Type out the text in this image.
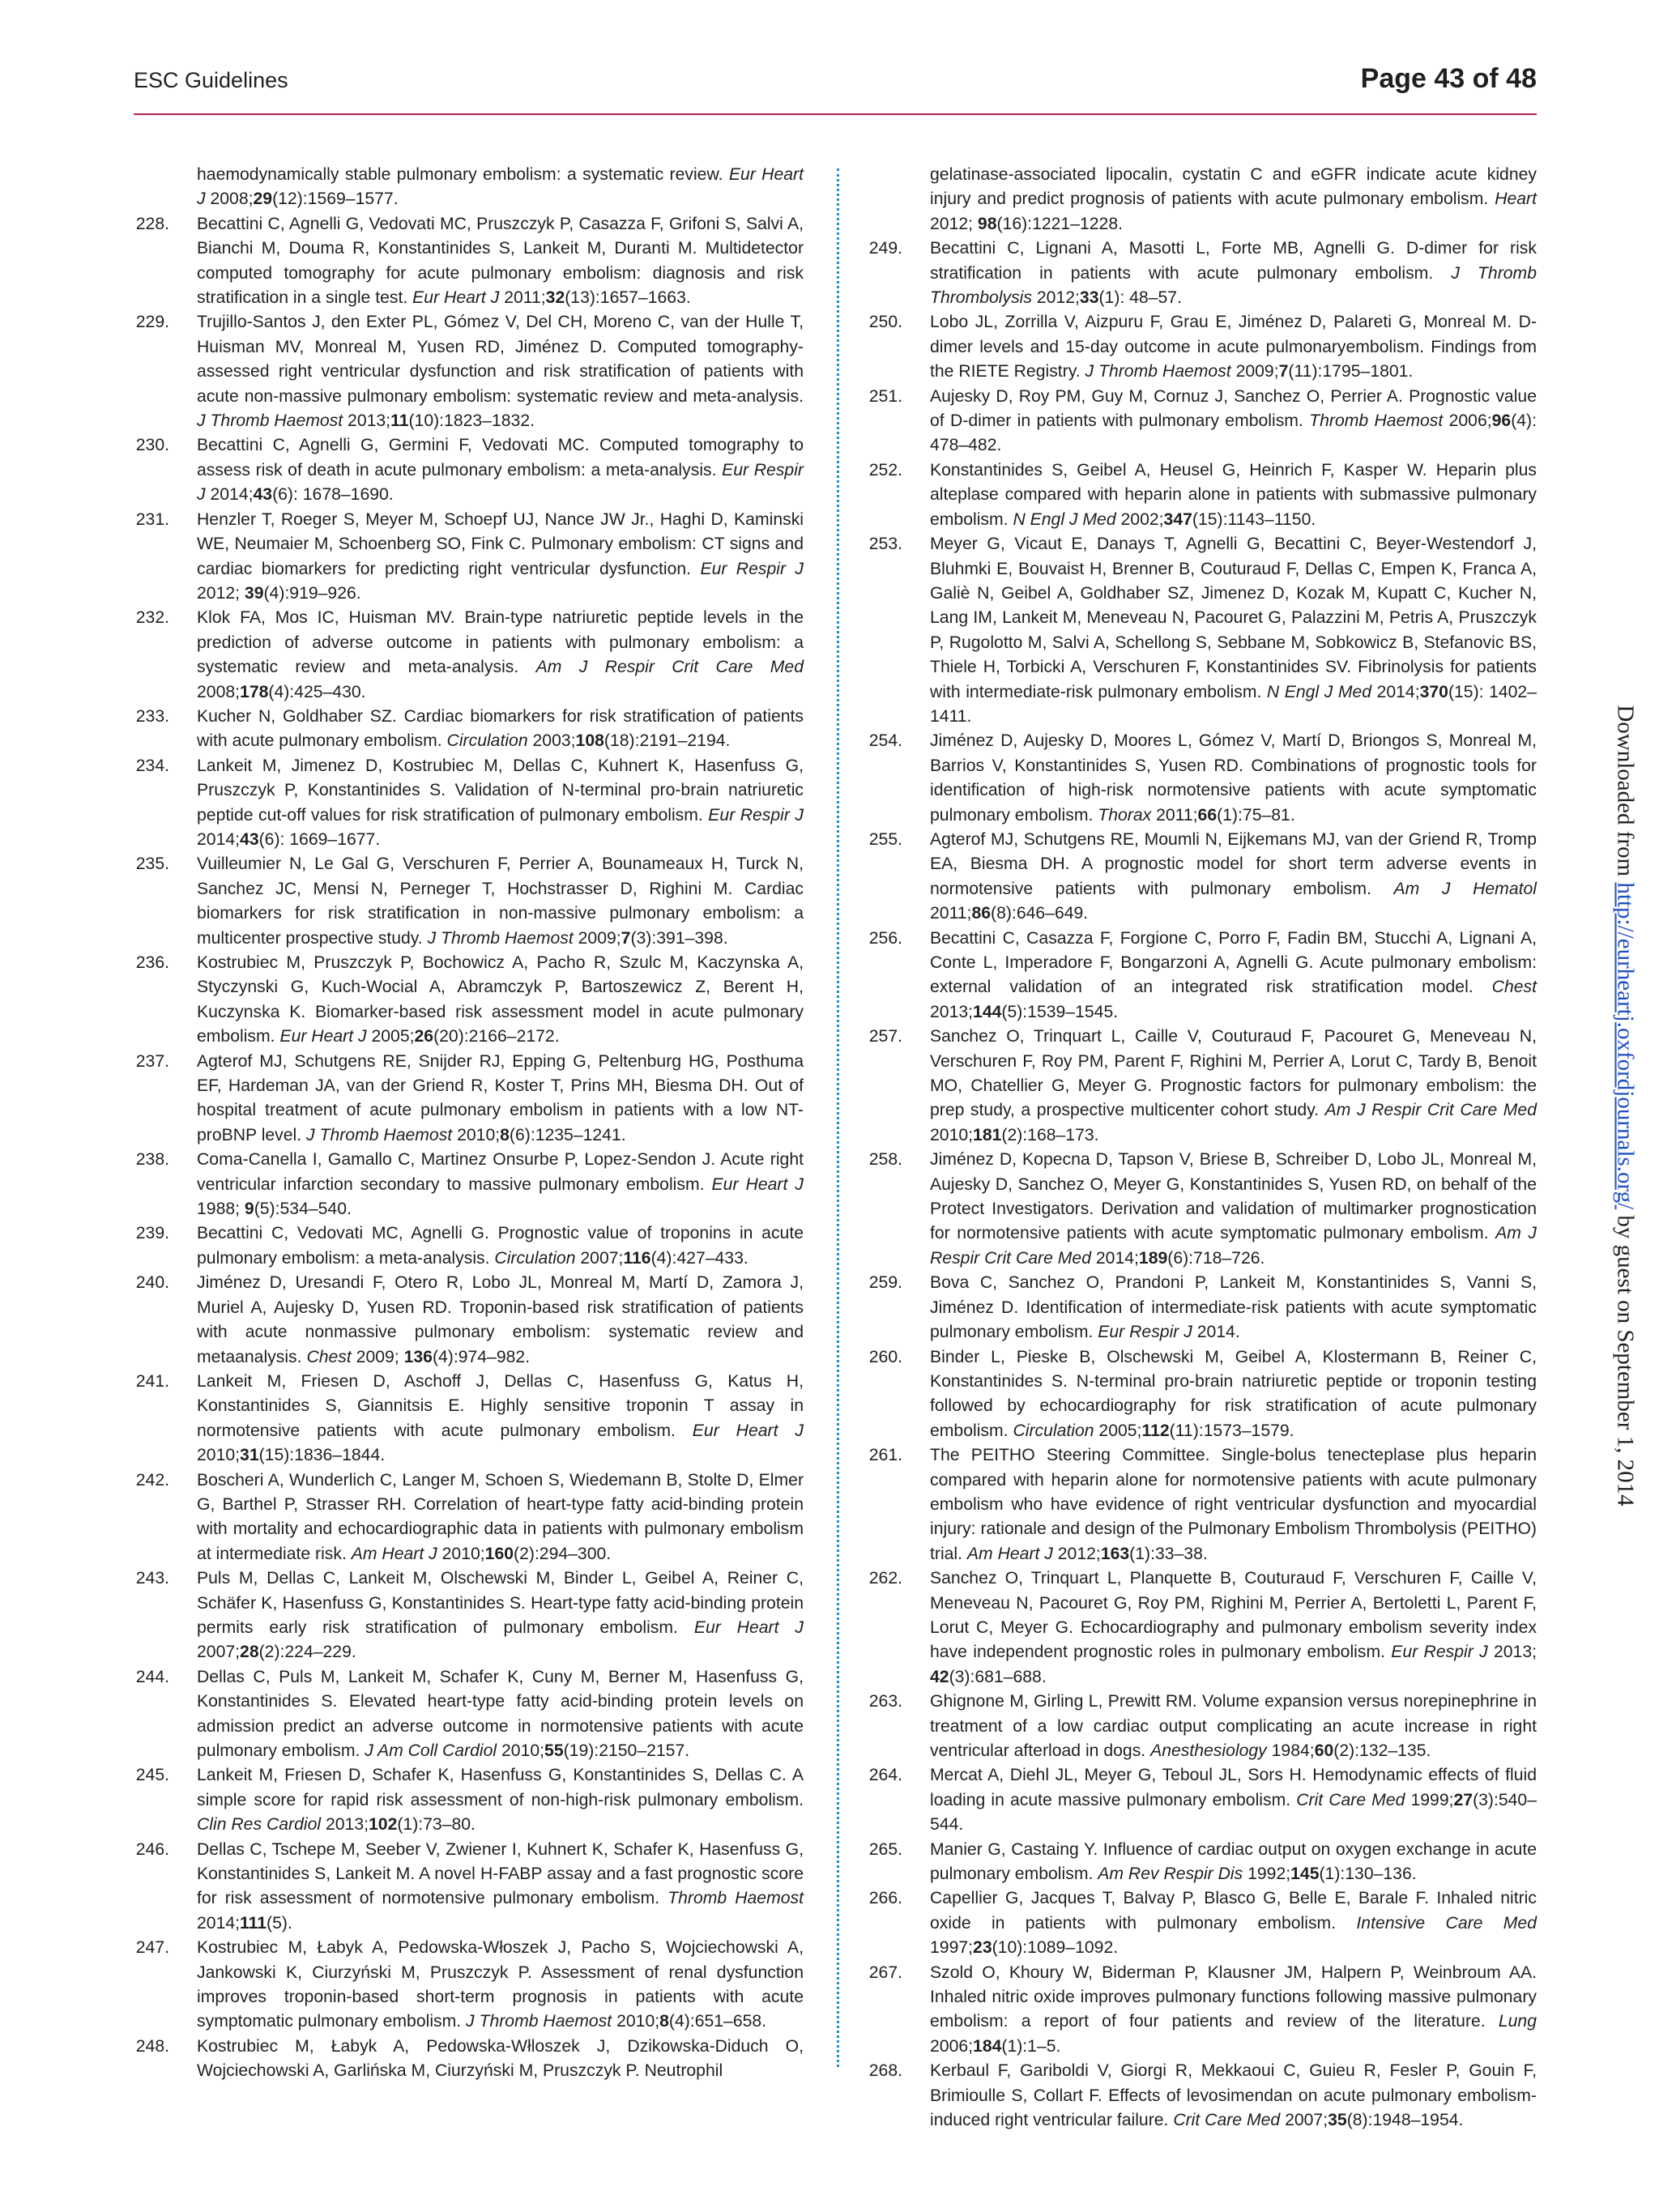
ESC Guidelines	Page 43 of 48
haemodynamically stable pulmonary embolism: a systematic review. Eur Heart J 2008;29(12):1569–1577.
228. Becattini C, Agnelli G, Vedovati MC, Pruszczyk P, Casazza F, Grifoni S, Salvi A, Bianchi M, Douma R, Konstantinides S, Lankeit M, Duranti M. Multidetector computed tomography for acute pulmonary embolism: diagnosis and risk stratification in a single test. Eur Heart J 2011;32(13):1657–1663.
229. Trujillo-Santos J, den Exter PL, Gómez V, Del CH, Moreno C, van der Hulle T, Huisman MV, Monreal M, Yusen RD, Jiménez D. Computed tomography-assessed right ventricular dysfunction and risk stratification of patients with acute non-massive pulmonary embolism: systematic review and meta-analysis. J Thromb Haemost 2013;11(10):1823–1832.
230. Becattini C, Agnelli G, Germini F, Vedovati MC. Computed tomography to assess risk of death in acute pulmonary embolism: a meta-analysis. Eur Respir J 2014;43(6): 1678–1690.
231. Henzler T, Roeger S, Meyer M, Schoepf UJ, Nance JW Jr., Haghi D, Kaminski WE, Neumaier M, Schoenberg SO, Fink C. Pulmonary embolism: CT signs and cardiac biomarkers for predicting right ventricular dysfunction. Eur Respir J 2012; 39(4):919–926.
232. Klok FA, Mos IC, Huisman MV. Brain-type natriuretic peptide levels in the prediction of adverse outcome in patients with pulmonary embolism: a systematic review and meta-analysis. Am J Respir Crit Care Med 2008;178(4):425–430.
233. Kucher N, Goldhaber SZ. Cardiac biomarkers for risk stratification of patients with acute pulmonary embolism. Circulation 2003;108(18):2191–2194.
234. Lankeit M, Jimenez D, Kostrubiec M, Dellas C, Kuhnert K, Hasenfuss G, Pruszczyk P, Konstantinides S. Validation of N-terminal pro-brain natriuretic peptide cut-off values for risk stratification of pulmonary embolism. Eur Respir J 2014;43(6): 1669–1677.
235. Vuilleumier N, Le Gal G, Verschuren F, Perrier A, Bounameaux H, Turck N, Sanchez JC, Mensi N, Perneger T, Hochstrasser D, Righini M. Cardiac biomarkers for risk stratification in non-massive pulmonary embolism: a multicenter prospective study. J Thromb Haemost 2009;7(3):391–398.
236. Kostrubiec M, Pruszczyk P, Bochowicz A, Pacho R, Szulc M, Kaczynska A, Styczynski G, Kuch-Wocial A, Abramczyk P, Bartoszewicz Z, Berent H, Kuczynska K. Biomarker-based risk assessment model in acute pulmonary embolism. Eur Heart J 2005;26(20):2166–2172.
237. Agterof MJ, Schutgens RE, Snijder RJ, Epping G, Peltenburg HG, Posthuma EF, Hardeman JA, van der Griend R, Koster T, Prins MH, Biesma DH. Out of hospital treatment of acute pulmonary embolism in patients with a low NT-proBNP level. J Thromb Haemost 2010;8(6):1235–1241.
238. Coma-Canella I, Gamallo C, Martinez Onsurbe P, Lopez-Sendon J. Acute right ventricular infarction secondary to massive pulmonary embolism. Eur Heart J 1988; 9(5):534–540.
239. Becattini C, Vedovati MC, Agnelli G. Prognostic value of troponins in acute pulmonary embolism: a meta-analysis. Circulation 2007;116(4):427–433.
240. Jiménez D, Uresandi F, Otero R, Lobo JL, Monreal M, Martí D, Zamora J, Muriel A, Aujesky D, Yusen RD. Troponin-based risk stratification of patients with acute nonmassive pulmonary embolism: systematic review and metaanalysis. Chest 2009; 136(4):974–982.
241. Lankeit M, Friesen D, Aschoff J, Dellas C, Hasenfuss G, Katus H, Konstantinides S, Giannitsis E. Highly sensitive troponin T assay in normotensive patients with acute pulmonary embolism. Eur Heart J 2010;31(15):1836–1844.
242. Boscheri A, Wunderlich C, Langer M, Schoen S, Wiedemann B, Stolte D, Elmer G, Barthel P, Strasser RH. Correlation of heart-type fatty acid-binding protein with mortality and echocardiographic data in patients with pulmonary embolism at intermediate risk. Am Heart J 2010;160(2):294–300.
243. Puls M, Dellas C, Lankeit M, Olschewski M, Binder L, Geibel A, Reiner C, Schäfer K, Hasenfuss G, Konstantinides S. Heart-type fatty acid-binding protein permits early risk stratification of pulmonary embolism. Eur Heart J 2007;28(2):224–229.
244. Dellas C, Puls M, Lankeit M, Schafer K, Cuny M, Berner M, Hasenfuss G, Konstantinides S. Elevated heart-type fatty acid-binding protein levels on admission predict an adverse outcome in normotensive patients with acute pulmonary embolism. J Am Coll Cardiol 2010;55(19):2150–2157.
245. Lankeit M, Friesen D, Schafer K, Hasenfuss G, Konstantinides S, Dellas C. A simple score for rapid risk assessment of non-high-risk pulmonary embolism. Clin Res Cardiol 2013;102(1):73–80.
246. Dellas C, Tschepe M, Seeber V, Zwiener I, Kuhnert K, Schafer K, Hasenfuss G, Konstantinides S, Lankeit M. A novel H-FABP assay and a fast prognostic score for risk assessment of normotensive pulmonary embolism. Thromb Haemost 2014;111(5).
247. Kostrubiec M, Łabyk A, Pedowska-Włoszek J, Pacho S, Wojciechowski A, Jankowski K, Ciurzyński M, Pruszczyk P. Assessment of renal dysfunction improves troponin-based short-term prognosis in patients with acute symptomatic pulmonary embolism. J Thromb Haemost 2010;8(4):651–658.
248. Kostrubiec M, Łabyk A, Pedowska-Włloszek J, Dzikowska-Diduch O, Wojciechowski A, Garlińska M, Ciurzyński M, Pruszczyk P. Neutrophil
gelatinase-associated lipocalin, cystatin C and eGFR indicate acute kidney injury and predict prognosis of patients with acute pulmonary embolism. Heart 2012; 98(16):1221–1228.
249. Becattini C, Lignani A, Masotti L, Forte MB, Agnelli G. D-dimer for risk stratification in patients with acute pulmonary embolism. J Thromb Thrombolysis 2012;33(1): 48–57.
250. Lobo JL, Zorrilla V, Aizpuru F, Grau E, Jiménez D, Palareti G, Monreal M. D-dimer levels and 15-day outcome in acute pulmonaryembolism. Findings from the RIETE Registry. J Thromb Haemost 2009;7(11):1795–1801.
251. Aujesky D, Roy PM, Guy M, Cornuz J, Sanchez O, Perrier A. Prognostic value of D-dimer in patients with pulmonary embolism. Thromb Haemost 2006;96(4): 478–482.
252. Konstantinides S, Geibel A, Heusel G, Heinrich F, Kasper W. Heparin plus alteplase compared with heparin alone in patients with submassive pulmonary embolism. N Engl J Med 2002;347(15):1143–1150.
253. Meyer G, Vicaut E, Danays T, Agnelli G, Becattini C, Beyer-Westendorf J, Bluhmki E, Bouvaist H, Brenner B, Couturaud F, Dellas C, Empen K, Franca A, Galiè N, Geibel A, Goldhaber SZ, Jimenez D, Kozak M, Kupatt C, Kucher N, Lang IM, Lankeit M, Meneveau N, Pacouret G, Palazzini M, Petris A, Pruszczyk P, Rugolotto M, Salvi A, Schellong S, Sebbane M, Sobkowicz B, Stefanovic BS, Thiele H, Torbicki A, Verschuren F, Konstantinides SV. Fibrinolysis for patients with intermediate-risk pulmonary embolism. N Engl J Med 2014;370(15): 1402–1411.
254. Jiménez D, Aujesky D, Moores L, Gómez V, Martí D, Briongos S, Monreal M, Barrios V, Konstantinides S, Yusen RD. Combinations of prognostic tools for identification of high-risk normotensive patients with acute symptomatic pulmonary embolism. Thorax 2011;66(1):75–81.
255. Agterof MJ, Schutgens RE, Moumli N, Eijkemans MJ, van der Griend R, Tromp EA, Biesma DH. A prognostic model for short term adverse events in normotensive patients with pulmonary embolism. Am J Hematol 2011;86(8):646–649.
256. Becattini C, Casazza F, Forgione C, Porro F, Fadin BM, Stucchi A, Lignani A, Conte L, Imperadore F, Bongarzoni A, Agnelli G. Acute pulmonary embolism: external validation of an integrated risk stratification model. Chest 2013;144(5):1539–1545.
257. Sanchez O, Trinquart L, Caille V, Couturaud F, Pacouret G, Meneveau N, Verschuren F, Roy PM, Parent F, Righini M, Perrier A, Lorut C, Tardy B, Benoit MO, Chatellier G, Meyer G. Prognostic factors for pulmonary embolism: the prep study, a prospective multicenter cohort study. Am J Respir Crit Care Med 2010;181(2):168–173.
258. Jiménez D, Kopecna D, Tapson V, Briese B, Schreiber D, Lobo JL, Monreal M, Aujesky D, Sanchez O, Meyer G, Konstantinides S, Yusen RD, on behalf of the Protect Investigators. Derivation and validation of multimarker prognostication for normotensive patients with acute symptomatic pulmonary embolism. Am J Respir Crit Care Med 2014;189(6):718–726.
259. Bova C, Sanchez O, Prandoni P, Lankeit M, Konstantinides S, Vanni S, Jiménez D. Identification of intermediate-risk patients with acute symptomatic pulmonary embolism. Eur Respir J 2014.
260. Binder L, Pieske B, Olschewski M, Geibel A, Klostermann B, Reiner C, Konstantinides S. N-terminal pro-brain natriuretic peptide or troponin testing followed by echocardiography for risk stratification of acute pulmonary embolism. Circulation 2005;112(11):1573–1579.
261. The PEITHO Steering Committee. Single-bolus tenecteplase plus heparin compared with heparin alone for normotensive patients with acute pulmonary embolism who have evidence of right ventricular dysfunction and myocardial injury: rationale and design of the Pulmonary Embolism Thrombolysis (PEITHO) trial. Am Heart J 2012;163(1):33–38.
262. Sanchez O, Trinquart L, Planquette B, Couturaud F, Verschuren F, Caille V, Meneveau N, Pacouret G, Roy PM, Righini M, Perrier A, Bertoletti L, Parent F, Lorut C, Meyer G. Echocardiography and pulmonary embolism severity index have independent prognostic roles in pulmonary embolism. Eur Respir J 2013; 42(3):681–688.
263. Ghignone M, Girling L, Prewitt RM. Volume expansion versus norepinephrine in treatment of a low cardiac output complicating an acute increase in right ventricular afterload in dogs. Anesthesiology 1984;60(2):132–135.
264. Mercat A, Diehl JL, Meyer G, Teboul JL, Sors H. Hemodynamic effects of fluid loading in acute massive pulmonary embolism. Crit Care Med 1999;27(3):540–544.
265. Manier G, Castaing Y. Influence of cardiac output on oxygen exchange in acute pulmonary embolism. Am Rev Respir Dis 1992;145(1):130–136.
266. Capellier G, Jacques T, Balvay P, Blasco G, Belle E, Barale F. Inhaled nitric oxide in patients with pulmonary embolism. Intensive Care Med 1997;23(10):1089–1092.
267. Szold O, Khoury W, Biderman P, Klausner JM, Halpern P, Weinbroum AA. Inhaled nitric oxide improves pulmonary functions following massive pulmonary embolism: a report of four patients and review of the literature. Lung 2006;184(1):1–5.
268. Kerbaul F, Gariboldi V, Giorgi R, Mekkaoui C, Guieu R, Fesler P, Gouin F, Brimioulle S, Collart F. Effects of levosimendan on acute pulmonary embolism-induced right ventricular failure. Crit Care Med 2007;35(8):1948–1954.
Downloaded from http://eurheartj.oxfordjournals.org/ by guest on September 1, 2014
